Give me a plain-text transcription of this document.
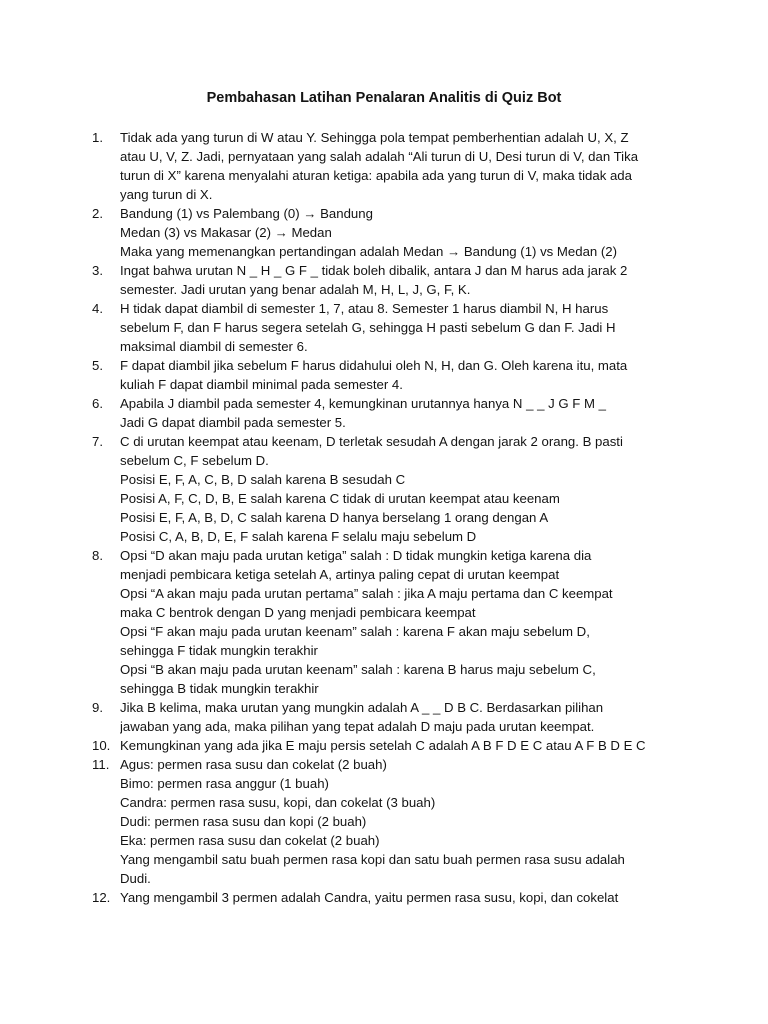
Pembahasan Latihan Penalaran Analitis di Quiz Bot
1.	Tidak ada yang turun di W atau Y. Sehingga pola tempat pemberhentian adalah U, X, Z
atau U, V, Z. Jadi, pernyataan yang salah adalah “Ali turun di U, Desi turun di V, dan Tika
turun di X” karena menyalahi aturan ketiga: apabila ada yang turun di V, maka tidak ada
yang turun di X.
2.	Bandung (1) vs Palembang (0) → Bandung
Medan (3) vs Makasar (2) → Medan
Maka yang memenangkan pertandingan adalah Medan → Bandung (1) vs Medan (2)
3.	Ingat bahwa urutan N _ H _ G F _ tidak boleh dibalik, antara J dan M harus ada jarak 2
semester. Jadi urutan yang benar adalah M, H, L, J, G, F, K.
4.	H tidak dapat diambil di semester 1, 7, atau 8. Semester 1 harus diambil N, H harus
sebelum F, dan F harus segera setelah G, sehingga H pasti sebelum G dan F. Jadi H
maksimal diambil di semester 6.
5.	F dapat diambil jika sebelum F harus didahului oleh N, H, dan G. Oleh karena itu, mata
kuliah F dapat diambil minimal pada semester 4.
6.	Apabila J diambil pada semester 4, kemungkinan urutannya hanya N _ _ J G F M _
Jadi G dapat diambil pada semester 5.
7.	C di urutan keempat atau keenam, D terletak sesudah A dengan jarak 2 orang. B pasti
sebelum C, F sebelum D.
Posisi E, F, A, C, B, D salah karena B sesudah C
Posisi A, F, C, D, B, E salah karena C tidak di urutan keempat atau keenam
Posisi E, F, A, B, D, C salah karena D hanya berselang 1 orang dengan A
Posisi C, A, B, D, E, F salah karena F selalu maju sebelum D
8.	Opsi “D akan maju pada urutan ketiga” salah : D tidak mungkin ketiga karena dia
menjadi pembicara ketiga setelah A, artinya paling cepat di urutan keempat
Opsi “A akan maju pada urutan pertama” salah : jika A maju pertama dan C keempat
maka C bentrok dengan D yang menjadi pembicara keempat
Opsi “F akan maju pada urutan keenam” salah : karena F akan maju sebelum D,
sehingga F tidak mungkin terakhir
Opsi “B akan maju pada urutan keenam” salah : karena B harus maju sebelum C,
sehingga B tidak mungkin terakhir
9.	Jika B kelima, maka urutan yang mungkin adalah A _ _ D B C. Berdasarkan pilihan
jawaban yang ada, maka pilihan yang tepat adalah D maju pada urutan keempat.
10. Kemungkinan yang ada jika E maju persis setelah C adalah A B F D E C atau A F B D E C
11. Agus: permen rasa susu dan cokelat (2 buah)
Bimo: permen rasa anggur (1 buah)
Candra: permen rasa susu, kopi, dan cokelat (3 buah)
Dudi: permen rasa susu dan kopi (2 buah)
Eka: permen rasa susu dan cokelat (2 buah)
Yang mengambil satu buah permen rasa kopi dan satu buah permen rasa susu adalah
Dudi.
12. Yang mengambil 3 permen adalah Candra, yaitu permen rasa susu, kopi, dan cokelat
